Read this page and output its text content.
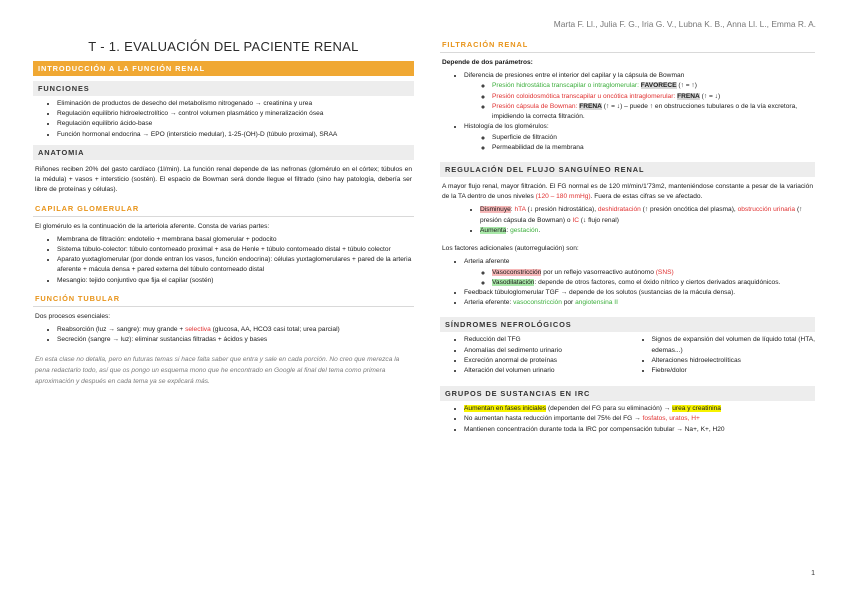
Marta F. Ll., Julia F. G., Iria G. V., Lubna K. B., Anna Ll. L., Emma R. A.
T - 1. EVALUACIÓN DEL PACIENTE RENAL
INTRODUCCIÓN A LA FUNCIÓN RENAL
FUNCIONES
• Eliminación de productos de desecho del metabolismo nitrogenado → creatinina y urea
• Regulación equilibrio hidroelectrolítico → control volumen plasmático y mineralización ósea
• Regulación equilibrio ácido-base
• Función hormonal endocrina → EPO (intersticio medular), 1-25-(OH)-D (túbulo proximal), SRAA
ANATOMIA
Riñones reciben 20% del gasto cardíaco (1l/min). La función renal depende de las nefronas (glomérulo en el córtex; túbulos en la médula) + vasos + intersticio (sostén). El espacio de Bowman será donde llegue el filtrado (sino hay patología, debería ser libre de proteínas y células).
CAPILAR GLOMERULAR
El glomérulo es la continuación de la arteriola aferente. Consta de varias partes:
• Membrana de filtración: endotelio + membrana basal glomerular + podocito
• Sistema túbulo-colector: túbulo contorneado proximal + asa de Henle + túbulo contorneado distal + túbulo colector
• Aparato yuxtaglomerular (por donde entran los vasos, función endocrina): células yuxtaglomerulares + pared de la arteria aferente + mácula densa + pared externa del túbulo contorneado distal
• Mesangio: tejido conjuntivo que fija el capilar (sostén)
FUNCIÓN TUBULAR
Dos procesos esenciales:
• Reabsorción (luz → sangre): muy grande + selectiva (glucosa, AA, HCO3 casi total; urea parcial)
• Secreción (sangre → luz): eliminar sustancias filtradas + ácidos y bases
En esta clase no detalla, pero en futuras temas si hace falta saber que entra y sale en cada porción. No creo que merezca la pena redactarlo todo, así que os pongo un esquema mono que he encontrado en Google al final del tema como primera aproximación y después en cada tema ya se explicará más.
FILTRACIÓN RENAL
Depende de dos parámetros:
• Diferencia de presiones entre el interior del capilar y la cápsula de Bowman
◦ Presión hidrostática transcapilar o intraglomerular: FAVORECE (↑ = ↑)
◦ Presión coloidosmótica transcapilar u oncótica intraglomerular: FRENA (↑ = ↓)
◦ Presión cápsula de Bowman: FRENA (↑ = ↓) – puede ↑ en obstrucciones tubulares o de la vía excretora, impidiendo la correcta filtración.
• Histología de los glomérulos:
◦ Superficie de filtración
◦ Permeabilidad de la membrana
REGULACIÓN DEL FLUJO SANGUÍNEO RENAL
A mayor flujo renal, mayor filtración. El FG normal es de 120 ml/min/1'73m2, manteniéndose constante a pesar de la variación de la TA dentro de unos niveles (120 – 180 mmHg). Fuera de estas cifras se ve afectado.
• Disminuye: hTA (↓ presión hidrostática), deshidratación (↑ presión oncótica del plasma), obstrucción urinaria (↑ presión cápsula de Bowman) o IC (↓ flujo renal)
• Aumenta: gestación.
Los factores adicionales (autorregulación) son:
• Arteria aferente
◦ Vasoconstricción por un reflejo vasorreactivo autónomo (SNS)
◦ Vasodilatación: depende de otros factores, como el óxido nítrico y ciertos derivados araquidónicos.
• Feedback túbuloglomerular TGF → depende de los solutos (sustancias de la mácula densa).
• Arteria eferente: vasoconstricción por angiotensina II
SÍNDROMES NEFROLÓGICOS
• Reducción del TFG
• Anomalías del sedimento urinario
• Excreción anormal de proteínas
• Alteración del volumen urinario
• Signos de expansión del volumen de líquido total (HTA, edemas...)
• Alteraciones hidroelectrolíticas
• Fiebre/dolor
GRUPOS DE SUSTANCIAS EN IRC
• Aumentan en fases iniciales (dependen del FG para su eliminación) → urea y creatinina
• No aumentan hasta reducción importante del 75% del FG → fosfatos, uratos, H+
• Mantienen concentración durante toda la IRC por compensación tubular → Na+, K+, H20
1
